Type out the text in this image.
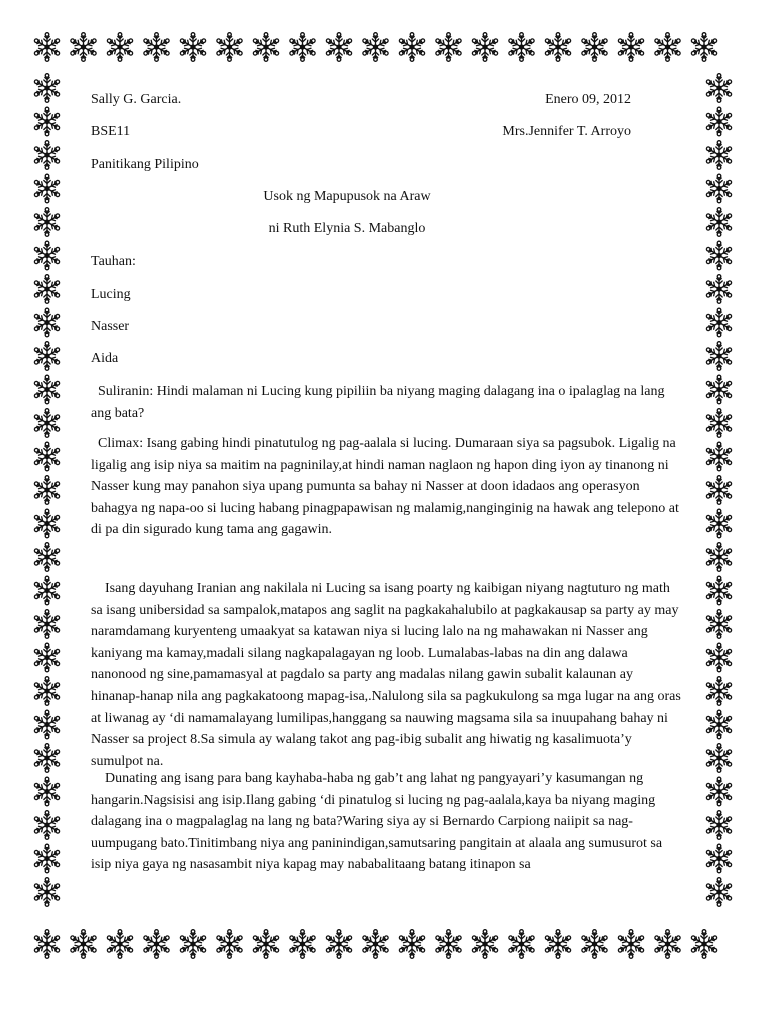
Sally G. Garcia.	Enero 09, 2012

BSE11	Mrs.Jennifer T. Arroyo

Panitikang Pilipino

Usok ng Mapupusok na Araw

ni Ruth Elynia S. Mabanglo

Tauhan:

Lucing

Nasser

Aida

Suliranin: Hindi malaman ni Lucing kung pipiliin ba niyang maging dalagang ina o ipalaglag na lang ang bata?

Climax: Isang gabing hindi pinatutulog ng pag-aalala si lucing. Dumaraan siya sa pagsubok. Ligalig na ligalig ang isip niya sa maitim na pagninilay,at hindi naman naglaon ng hapon ding iyon ay tinanong ni Nasser kung may panahon siya upang pumunta sa bahay ni Nasser at doon idadaos ang operasyon bahagya ng napa-oo si lucing habang pinagpapawisan ng malamig,nanginginig na hawak ang telepono at di pa din sigurado kung tama ang gagawin.

Isang dayuhang Iranian ang nakilala ni Lucing sa isang poarty ng kaibigan niyang nagtuturo ng math sa isang unibersidad sa sampalok,matapos ang saglit na pagkakahalubilo at pagkakausap sa party ay may naramdamang kuryenteng umaakyat sa katawan niya si lucing lalo na ng mahawakan ni Nasser ang kaniyang ma kamay,madali silang nagkapalagayan ng loob. Lumalabas-labas na din ang dalawa nanonood ng sine,pamamasyal at pagdalo sa party ang madalas nilang gawin subalit kalaunan ay hinanap-hanap nila ang pagkakatoong mapag-isa,.Nalulong sila sa pagkukulong sa mga lugar na ang oras at liwanag ay ‘di namamalayang lumilipas,hanggang sa nauwing magsama sila sa inuupahang bahay ni Nasser sa project 8.Sa simula ay walang takot ang pag-ibig subalit ang hiwatig ng kasalimuota’y sumulpot na.

Dunating ang isang para bang kayhaba-haba ng gab’t ang lahat ng pangyayari’y kasumangan ng hangarin.Nagsisisi ang isip.Ilang gabing ‘di pinatulog si lucing ng pag-aalala,kaya ba niyang maging dalagang ina o magpalaglag na lang ng bata?Waring siya ay si Bernardo Carpiong naiipit sa nag-uumpugang bato.Tinitimbang niya ang paninindigan,samutsaring pangitain at alaala ang sumusurot sa isip niya gaya ng nasasambit niya kapag may nababalitaang batang itinapon sa
